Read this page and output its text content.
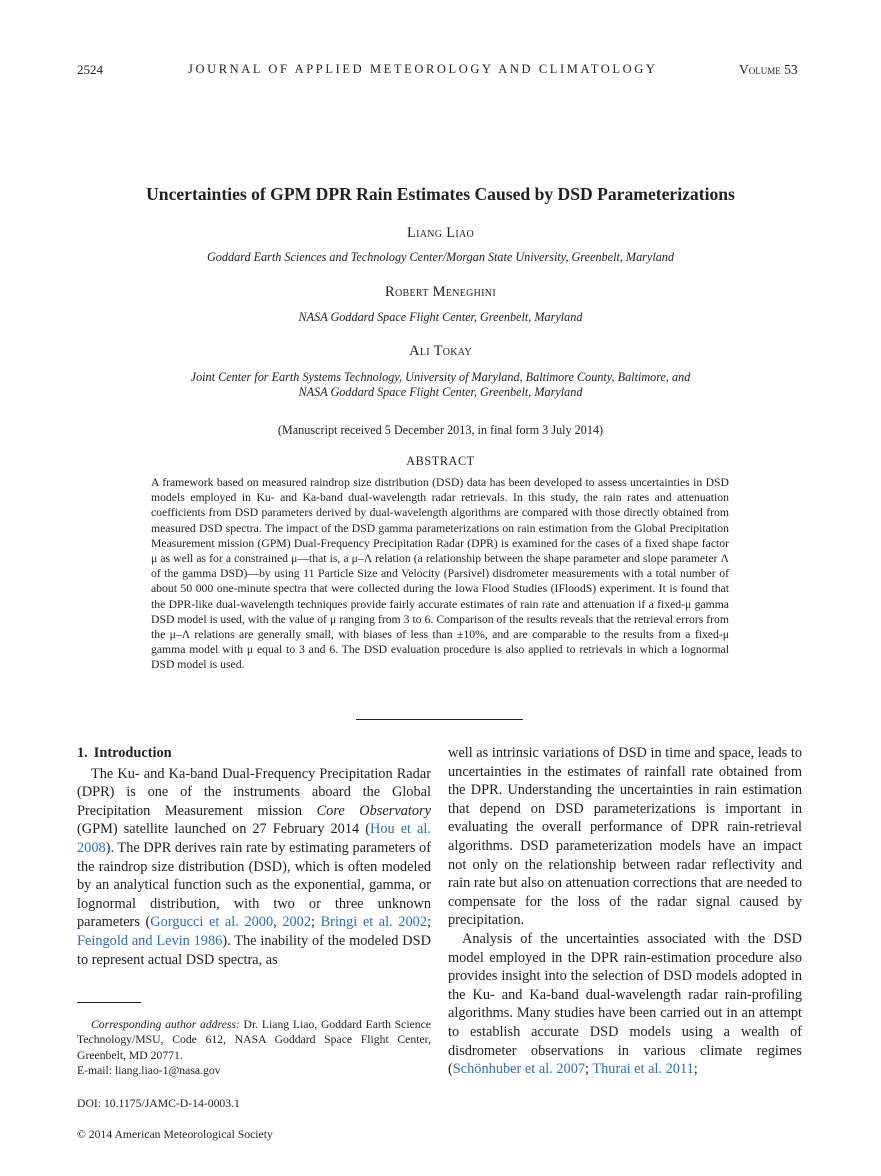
2524	JOURNAL OF APPLIED METEOROLOGY AND CLIMATOLOGY	Volume 53
Uncertainties of GPM DPR Rain Estimates Caused by DSD Parameterizations
Liang Liao
Goddard Earth Sciences and Technology Center/Morgan State University, Greenbelt, Maryland
Robert Meneghini
NASA Goddard Space Flight Center, Greenbelt, Maryland
Ali Tokay
Joint Center for Earth Systems Technology, University of Maryland, Baltimore County, Baltimore, and
NASA Goddard Space Flight Center, Greenbelt, Maryland
(Manuscript received 5 December 2013, in final form 3 July 2014)
ABSTRACT
A framework based on measured raindrop size distribution (DSD) data has been developed to assess uncertainties in DSD models employed in Ku- and Ka-band dual-wavelength radar retrievals. In this study, the rain rates and attenuation coefficients from DSD parameters derived by dual-wavelength algorithms are compared with those directly obtained from measured DSD spectra. The impact of the DSD gamma parameterizations on rain estimation from the Global Precipitation Measurement mission (GPM) Dual-Frequency Precipitation Radar (DPR) is examined for the cases of a fixed shape factor μ as well as for a constrained μ—that is, a μ–Λ relation (a relationship between the shape parameter and slope parameter Λ of the gamma DSD)—by using 11 Particle Size and Velocity (Parsivel) disdrometer measurements with a total number of about 50 000 one-minute spectra that were collected during the Iowa Flood Studies (IFloodS) experiment. It is found that the DPR-like dual-wavelength techniques provide fairly accurate estimates of rain rate and attenuation if a fixed-μ gamma DSD model is used, with the value of μ ranging from 3 to 6. Comparison of the results reveals that the retrieval errors from the μ–Λ relations are generally small, with biases of less than ±10%, and are comparable to the results from a fixed-μ gamma model with μ equal to 3 and 6. The DSD evaluation procedure is also applied to retrievals in which a lognormal DSD model is used.
1. Introduction

The Ku- and Ka-band Dual-Frequency Precipitation Radar (DPR) is one of the instruments aboard the Global Precipitation Measurement mission Core Observatory (GPM) satellite launched on 27 February 2014 (Hou et al. 2008). The DPR derives rain rate by estimating parameters of the raindrop size distribution (DSD), which is often modeled by an analytical function such as the exponential, gamma, or lognormal distribution, with two or three unknown parameters (Gorgucci et al. 2000, 2002; Bringi et al. 2002; Feingold and Levin 1986). The inability of the modeled DSD to represent actual DSD spectra, as

well as intrinsic variations of DSD in time and space, leads to uncertainties in the estimates of rainfall rate obtained from the DPR. Understanding the uncertainties in rain estimation that depend on DSD parameterizations is important in evaluating the overall performance of DPR rain-retrieval algorithms. DSD parameterization models have an impact not only on the relationship between radar reflectivity and rain rate but also on attenuation corrections that are needed to compensate for the loss of the radar signal caused by precipitation.

Analysis of the uncertainties associated with the DSD model employed in the DPR rain-estimation procedure also provides insight into the selection of DSD models adopted in the Ku- and Ka-band dual-wavelength radar rain-profiling algorithms. Many studies have been carried out in an attempt to establish accurate DSD models using a wealth of disdrometer observations in various climate regimes (Schönhuber et al. 2007; Thurai et al. 2011;

Corresponding author address: Dr. Liang Liao, Goddard Earth Science Technology/MSU, Code 612, NASA Goddard Space Flight Center, Greenbelt, MD 20771.
E-mail: liang.liao-1@nasa.gov
DOI: 10.1175/JAMC-D-14-0003.1
© 2014 American Meteorological Society
